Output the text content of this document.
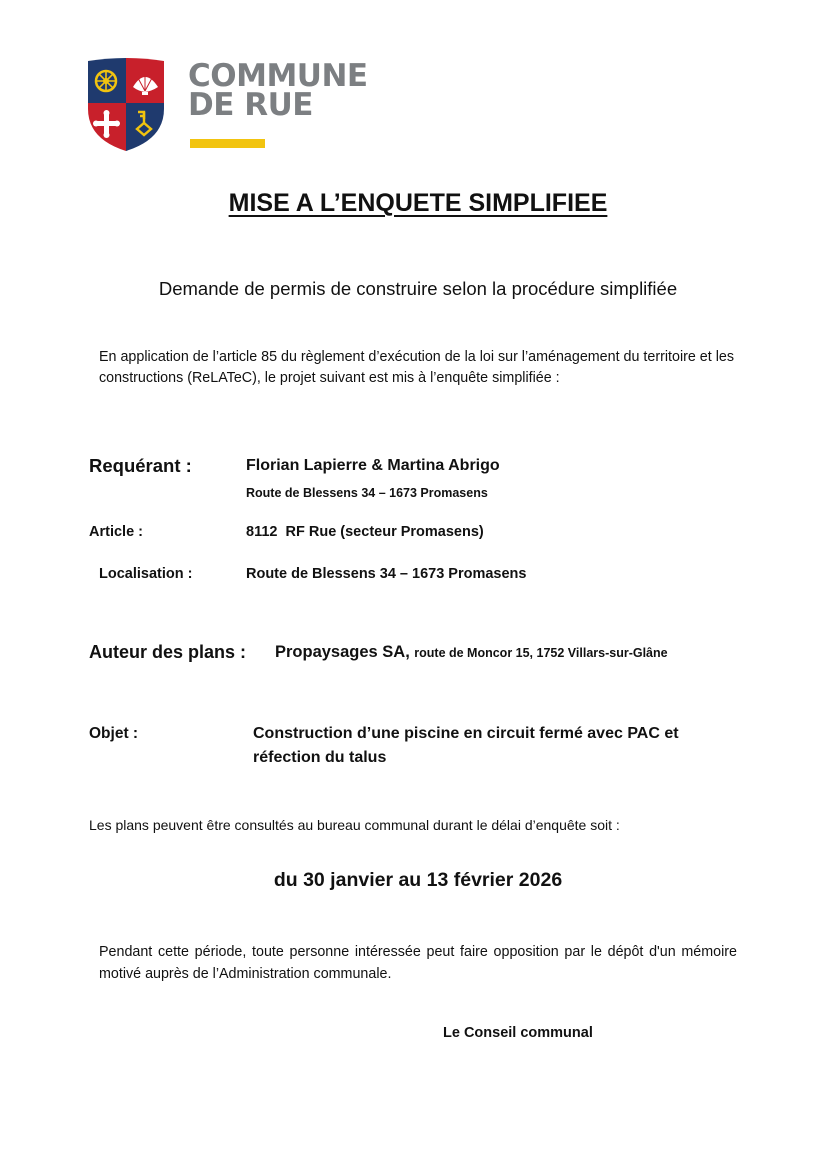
COMMUNE
DE RUE
MISE A L’ENQUETE SIMPLIFIEE
Demande de permis de construire selon la procédure simplifiée
En application de l’article 85 du règlement d’exécution de la loi sur l’aménagement du territoire et les constructions (ReLATeC), le projet suivant est mis à l’enquête simplifiée :
Requérant :	Florian Lapierre & Martina Abrigo
Route de Blessens 34 – 1673 Promasens
Article :	8112  RF Rue (secteur Promasens)
Localisation :	Route de Blessens 34 – 1673 Promasens
Auteur des plans : Propaysages SA, route de Moncor 15, 1752 Villars-sur-Glâne
Objet :	Construction d’une piscine en circuit fermé avec PAC et réfection du talus
Les plans peuvent être consultés au bureau communal durant le délai d’enquête soit :
du 30 janvier au 13 février 2026
Pendant cette période, toute personne intéressée peut faire opposition par le dépôt d'un mémoire motivé auprès de l’Administration communale.
Le Conseil communal
